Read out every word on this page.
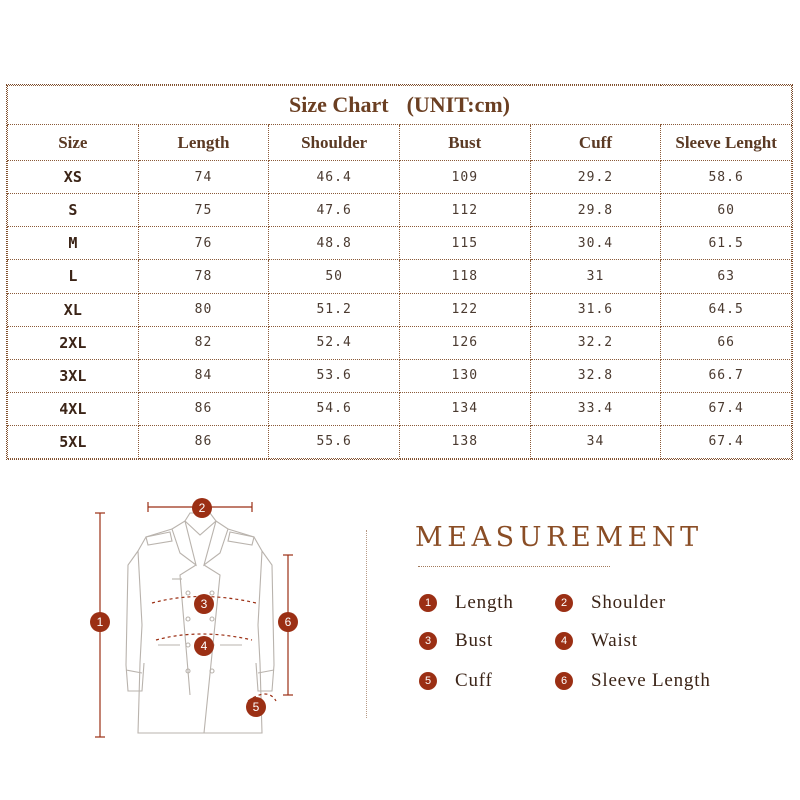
Size Chart (UNIT:cm)					
Size	Length	Shoulder	Bust	Cuff	Sleeve Lenght
XS	74	46.4	109	29.2	58.6
S	75	47.6	112	29.8	60
M	76	48.8	115	30.4	61.5
L	78	50	118	31	63
XL	80	51.2	122	31.6	64.5
2XL	82	52.4	126	32.2	66
3XL	84	53.6	130	32.8	66.7
4XL	86	54.6	134	33.4	67.4
5XL	86	55.6	138	34	67.4
1
2
3
4
5
6
MEASUREMENT
1	Length	2	Shoulder
3	Bust	4	Waist
5	Cuff	6	Sleeve Length
